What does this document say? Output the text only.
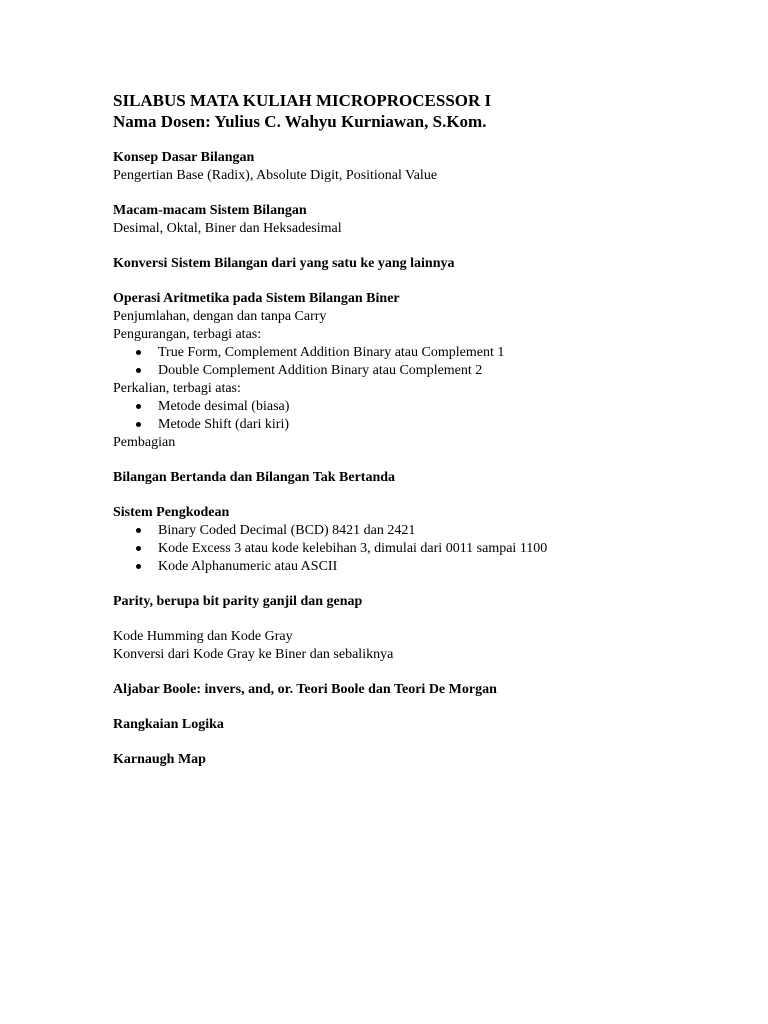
SILABUS MATA KULIAH MICROPROCESSOR I

Nama Dosen: Yulius C. Wahyu Kurniawan, S.Kom.

Konsep Dasar Bilangan

Pengertian Base (Radix), Absolute Digit, Positional Value

Macam-macam Sistem Bilangan

Desimal, Oktal, Biner dan Heksadesimal

Konversi Sistem Bilangan dari yang satu ke yang lainnya

Operasi Aritmetika pada Sistem Bilangan Biner

Penjumlahan, dengan dan tanpa Carry

Pengurangan, terbagi atas:

True Form, Complement Addition Binary atau Complement 1
Double Complement Addition Binary atau Complement 2

Perkalian, terbagi atas:

Metode desimal (biasa)
Metode Shift (dari kiri)

Pembagian

Bilangan Bertanda dan Bilangan Tak Bertanda

Sistem Pengkodean

Binary Coded Decimal (BCD) 8421 dan 2421
Kode Excess 3 atau kode kelebihan 3, dimulai dari 0011 sampai 1100
Kode Alphanumeric atau ASCII

Parity, berupa bit parity ganjil dan genap

Kode Humming dan Kode Gray

Konversi dari Kode Gray ke Biner dan sebaliknya

Aljabar Boole: invers, and, or. Teori Boole dan Teori De Morgan

Rangkaian Logika

Karnaugh Map
